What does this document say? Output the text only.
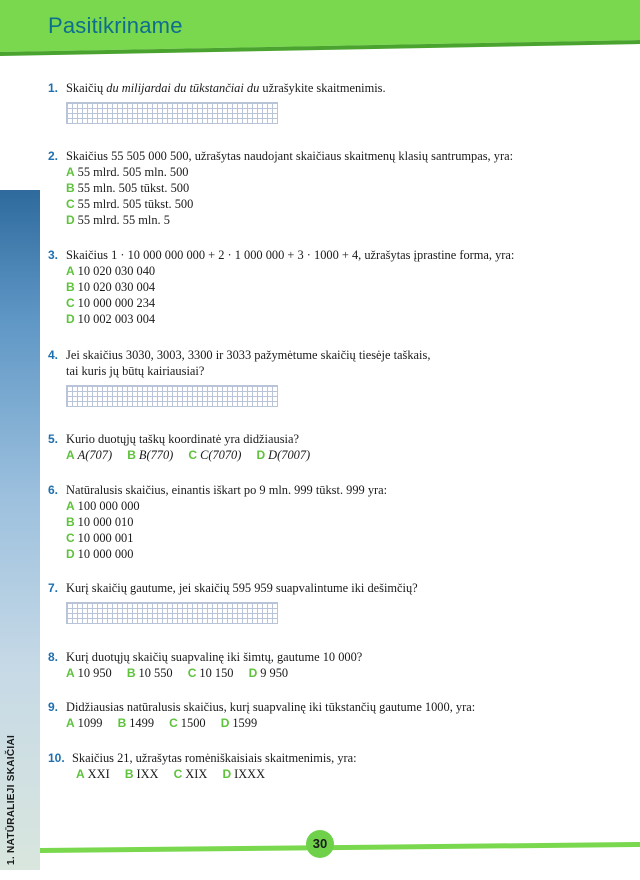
Pasitikriname
1. NATŪRALIEJI SKAIČIAI
1. Skaičių du milijardai du tūkstančiai du užrašykite skaitmenimis.
2. Skaičius 55 505 000 500, užrašytas naudojant skaičiaus skaitmenų klasių santrumpas, yra:
A 55 mlrd. 505 mln. 500
B 55 mln. 505 tūkst. 500
C 55 mlrd. 505 tūkst. 500
D 55 mlrd. 55 mln. 5
3. Skaičius 1 · 10 000 000 000 + 2 · 1 000 000 + 3 · 1000 + 4, užrašytas įprastine forma, yra:
A 10 020 030 040
B 10 020 030 004
C 10 000 000 234
D 10 002 003 004
4. Jei skaičius 3030, 3003, 3300 ir 3033 pažymėtume skaičių tiesėje taškais,
tai kuris jų būtų kairiausiai?
5. Kurio duotųjų taškų koordinatė yra didžiausia?
A A(707) B B(770) C C(7070) D D(7007)
6. Natūralusis skaičius, einantis iškart po 9 mln. 999 tūkst. 999 yra:
A 100 000 000
B 10 000 010
C 10 000 001
D 10 000 000
7. Kurį skaičių gautume, jei skaičių 595 959 suapvalintume iki dešimčių?
8. Kurį duotųjų skaičių suapvalinę iki šimtų, gautume 10 000?
A 10 950 B 10 550 C 10 150 D 9 950
9. Didžiausias natūralusis skaičius, kurį suapvalinę iki tūkstančių gautume 1000, yra:
A 1099 B 1499 C 1500 D 1599
10. Skaičius 21, užrašytas romėniškaisiais skaitmenimis, yra:
A XXI B IXX C XIX D IXXX
30
